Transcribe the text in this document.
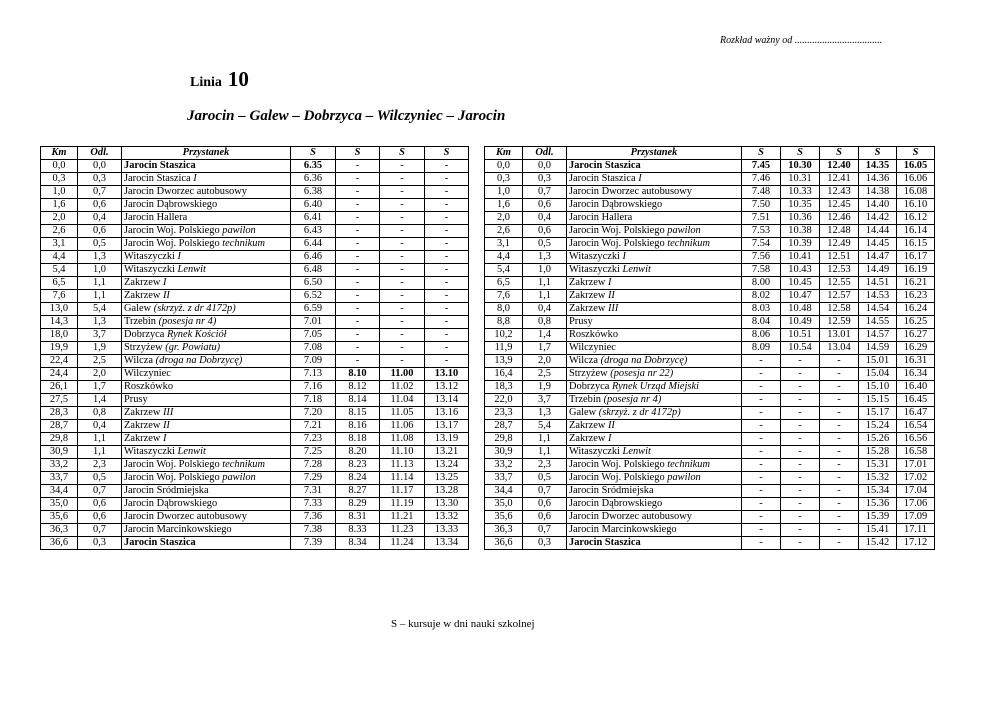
Rozkład ważny od ...................................
Linia 10
Jarocin – Galew – Dobrzyca – Wilczyniec – Jarocin
Km	Odl.	Przystanek	S	S	S	S
0,0	0,0	Jarocin Staszica	6.35	-	-	-
0,3	0,3	Jarocin Staszica I	6.36	-	-	-
1,0	0,7	Jarocin Dworzec autobusowy	6.38	-	-	-
1,6	0,6	Jarocin Dąbrowskiego	6.40	-	-	-
2,0	0,4	Jarocin Hallera	6.41	-	-	-
2,6	0,6	Jarocin Woj. Polskiego pawilon	6.43	-	-	-
3,1	0,5	Jarocin Woj. Polskiego technikum	6.44	-	-	-
4,4	1,3	Witaszyczki I	6.46	-	-	-
5,4	1,0	Witaszyczki Lenwit	6.48	-	-	-
6,5	1,1	Zakrzew I	6.50	-	-	-
7,6	1,1	Zakrzew II	6.52	-	-	-
13,0	5,4	Galew (skrzyż. z dr 4172p)	6.59	-	-	-
14,3	1,3	Trzebin (posesja nr 4)	7.01	-	-	-
18,0	3,7	Dobrzyca Rynek Kościół	7.05	-	-	-
19,9	1,9	Strzyżew (gr. Powiatu)	7.08	-	-	-
22,4	2,5	Wilcza (droga na Dobrzycę)	7.09	-	-	-
24,4	2,0	Wilczyniec	7.13	8.10	11.00	13.10
26,1	1,7	Roszkówko	7.16	8.12	11.02	13.12
27,5	1,4	Prusy	7.18	8.14	11.04	13.14
28,3	0,8	Zakrzew III	7.20	8.15	11.05	13.16
28,7	0,4	Zakrzew II	7.21	8.16	11.06	13.17
29,8	1,1	Zakrzew I	7.23	8.18	11.08	13.19
30,9	1,1	Witaszyczki Lenwit	7.25	8.20	11.10	13.21
33,2	2,3	Jarocin Woj. Polskiego technikum	7.28	8.23	11.13	13.24
33,7	0,5	Jarocin Woj. Polskiego pawilon	7.29	8.24	11.14	13.25
34,4	0,7	Jarocin Śródmiejska	7.31	8.27	11.17	13.28
35,0	0,6	Jarocin Dąbrowskiego	7.33	8.29	11.19	13.30
35,6	0,6	Jarocin Dworzec autobusowy	7.36	8.31	11.21	13.32
36,3	0,7	Jarocin Marcinkowskiego	7.38	8.33	11.23	13.33
36,6	0,3	Jarocin Staszica	7.39	8.34	11.24	13.34
Km	Odl.	Przystanek	S	S	S	S	S
0,0	0,0	Jarocin Staszica	7.45	10.30	12.40	14.35	16.05
0,3	0,3	Jarocin Staszica I	7.46	10.31	12.41	14.36	16.06
1,0	0,7	Jarocin Dworzec autobusowy	7.48	10.33	12.43	14.38	16.08
1,6	0,6	Jarocin Dąbrowskiego	7.50	10.35	12.45	14.40	16.10
2,0	0,4	Jarocin Hallera	7.51	10.36	12.46	14.42	16.12
2,6	0,6	Jarocin Woj. Polskiego pawilon	7.53	10.38	12.48	14.44	16.14
3,1	0,5	Jarocin Woj. Polskiego technikum	7.54	10.39	12.49	14.45	16.15
4,4	1,3	Witaszyczki I	7.56	10.41	12.51	14.47	16.17
5,4	1,0	Witaszyczki Lenwit	7.58	10.43	12.53	14.49	16.19
6,5	1,1	Zakrzew I	8.00	10.45	12.55	14.51	16.21
7,6	1,1	Zakrzew II	8.02	10.47	12.57	14.53	16.23
8,0	0,4	Zakrzew III	8.03	10.48	12.58	14.54	16.24
8,8	0,8	Prusy	8.04	10.49	12.59	14.55	16.25
10,2	1,4	Roszkówko	8.06	10.51	13.01	14.57	16.27
11,9	1,7	Wilczyniec	8.09	10.54	13.04	14.59	16.29
13,9	2,0	Wilcza (droga na Dobrzycę)	-	-	-	15.01	16.31
16,4	2,5	Strzyżew (posesja nr 22)	-	-	-	15.04	16.34
18,3	1,9	Dobrzyca Rynek Urząd Miejski	-	-	-	15.10	16.40
22,0	3,7	Trzebin (posesja nr 4)	-	-	-	15.15	16.45
23,3	1,3	Galew (skrzyż. z dr 4172p)	-	-	-	15.17	16.47
28,7	5,4	Zakrzew II	-	-	-	15.24	16.54
29,8	1,1	Zakrzew I	-	-	-	15.26	16.56
30,9	1,1	Witaszyczki Lenwit	-	-	-	15.28	16.58
33,2	2,3	Jarocin Woj. Polskiego technikum	-	-	-	15.31	17.01
33,7	0,5	Jarocin Woj. Polskiego pawilon	-	-	-	15.32	17.02
34,4	0,7	Jarocin Śródmiejska	-	-	-	15.34	17.04
35,0	0,6	Jarocin Dąbrowskiego	-	-	-	15.36	17.06
35,6	0,6	Jarocin Dworzec autobusowy	-	-	-	15.39	17.09
36,3	0,7	Jarocin Marcinkowskiego	-	-	-	15.41	17.11
36,6	0,3	Jarocin Staszica	-	-	-	15.42	17.12
S – kursuje w dni nauki szkolnej
